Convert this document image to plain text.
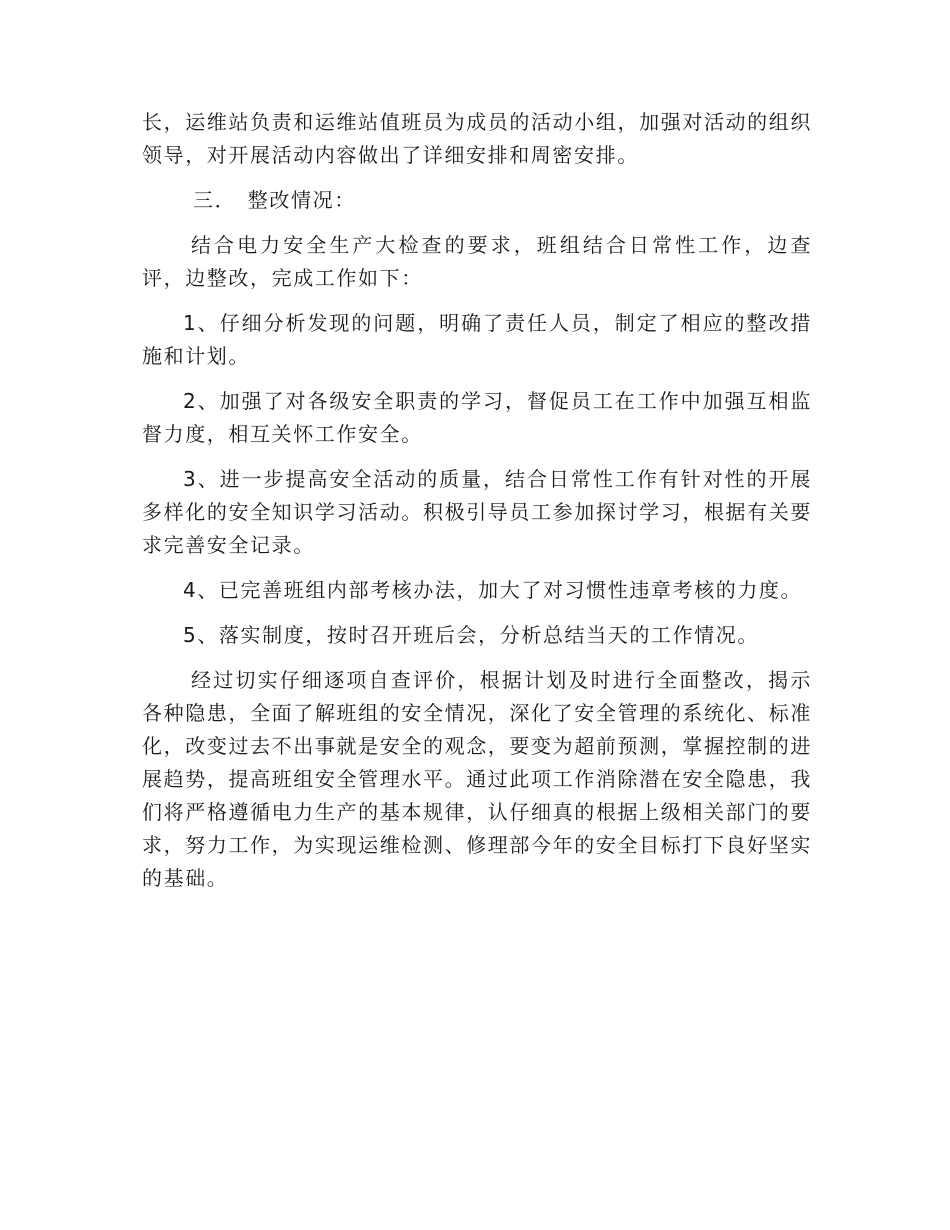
长，运维站负责和运维站值班员为成员的活动小组，加强对活动的组织领导，对开展活动内容做出了详细安排和周密安排。

三．　整改情况：

结合电力安全生产大检查的要求，班组结合日常性工作，边查评，边整改，完成工作如下：

1、仔细分析发现的问题，明确了责任人员，制定了相应的整改措施和计划。

2、加强了对各级安全职责的学习，督促员工在工作中加强互相监督力度，相互关怀工作安全。

3、进一步提高安全活动的质量，结合日常性工作有针对性的开展多样化的安全知识学习活动。积极引导员工参加探讨学习，根据有关要求完善安全记录。

4、已完善班组内部考核办法，加大了对习惯性违章考核的力度。

5、落实制度，按时召开班后会，分析总结当天的工作情况。

经过切实仔细逐项自查评价，根据计划及时进行全面整改，揭示各种隐患，全面了解班组的安全情况，深化了安全管理的系统化、标准化，改变过去不出事就是安全的观念，要变为超前预测，掌握控制的进展趋势，提高班组安全管理水平。通过此项工作消除潜在安全隐患，我们将严格遵循电力生产的基本规律，认仔细真的根据上级相关部门的要求，努力工作，为实现运维检测、修理部今年的安全目标打下良好坚实的基础。
